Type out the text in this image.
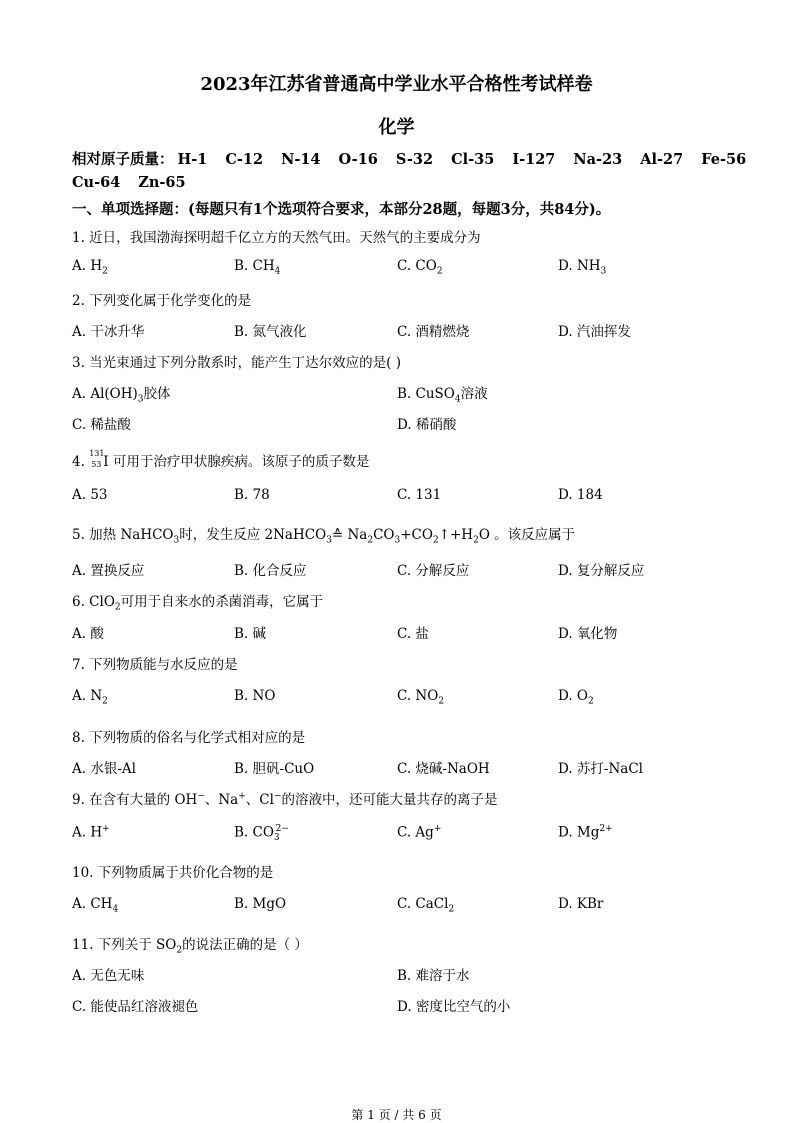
2023年江苏省普通高中学业水平合格性考试样卷
化学
相对原子质量： H-1 C-12 N-14 O-16 S-32 Cl-35 I-127 Na-23 Al-27 Fe-56
Cu-64 Zn-65
一、单项选择题：(每题只有1个选项符合要求，本部分28题，每题3分，共84分)。
1. 近日，我国渤海探明超千亿立方的天然气田。天然气的主要成分为
A. $H_2$	B. $CH_4$	C. $CO_2$	D. $NH_3$
2. 下列变化属于化学变化的是
A. 干冰升华	B. 氮气液化	C. 酒精燃烧	D. 汽油挥发
3. 当光束通过下列分散系时，能产生丁达尔效应的是( )
A. $Al(OH)_3$胶体	B. CuSO$_4$溶液
C. 稀盐酸	D. 稀硝酸
4.
131
53 I 可用于治疗甲状腺疾病。该原子的质子数是
A. 53	B. 78	C. 131	D. 184
5. 加热 NaHCO$_3$时，发生反应 2NaHCO$_3$≙ $Na_2CO_3+CO_2↑+H_2O$ 。该反应属于
A. 置换反应	B. 化合反应	C. 分解反应	D. 复分解反应
6. ClO$_2$可用于自来水的杀菌消毒，它属于
A. 酸	B. 碱	C. 盐	D. 氧化物
7. 下列物质能与水反应的是
A. $N_2$	B. NO	C. $NO_2$	D. $O_2$
8. 下列物质的俗名与化学式相对应的是
A. 水银-Al	B. 胆矾-CuO	C. 烧碱-NaOH	D. 苏打-NaCl
9. 在含有大量的 OH−、Na+、Cl−的溶液中，还可能大量共存的离子是
A. H+	B. $CO_3^{2-}$	C. Ag+	D. $Mg^{2+}$
10. 下列物质属于共价化合物的是
A. $CH_4$	B. MgO	C. CaCl$_2$	D. KBr
11. 下列关于 $SO_2$的说法正确的是（ ）
A. 无色无味	B. 难溶于水
C. 能使品红溶液褪色	D. 密度比空气的小
第 1 页 / 共 6 页
